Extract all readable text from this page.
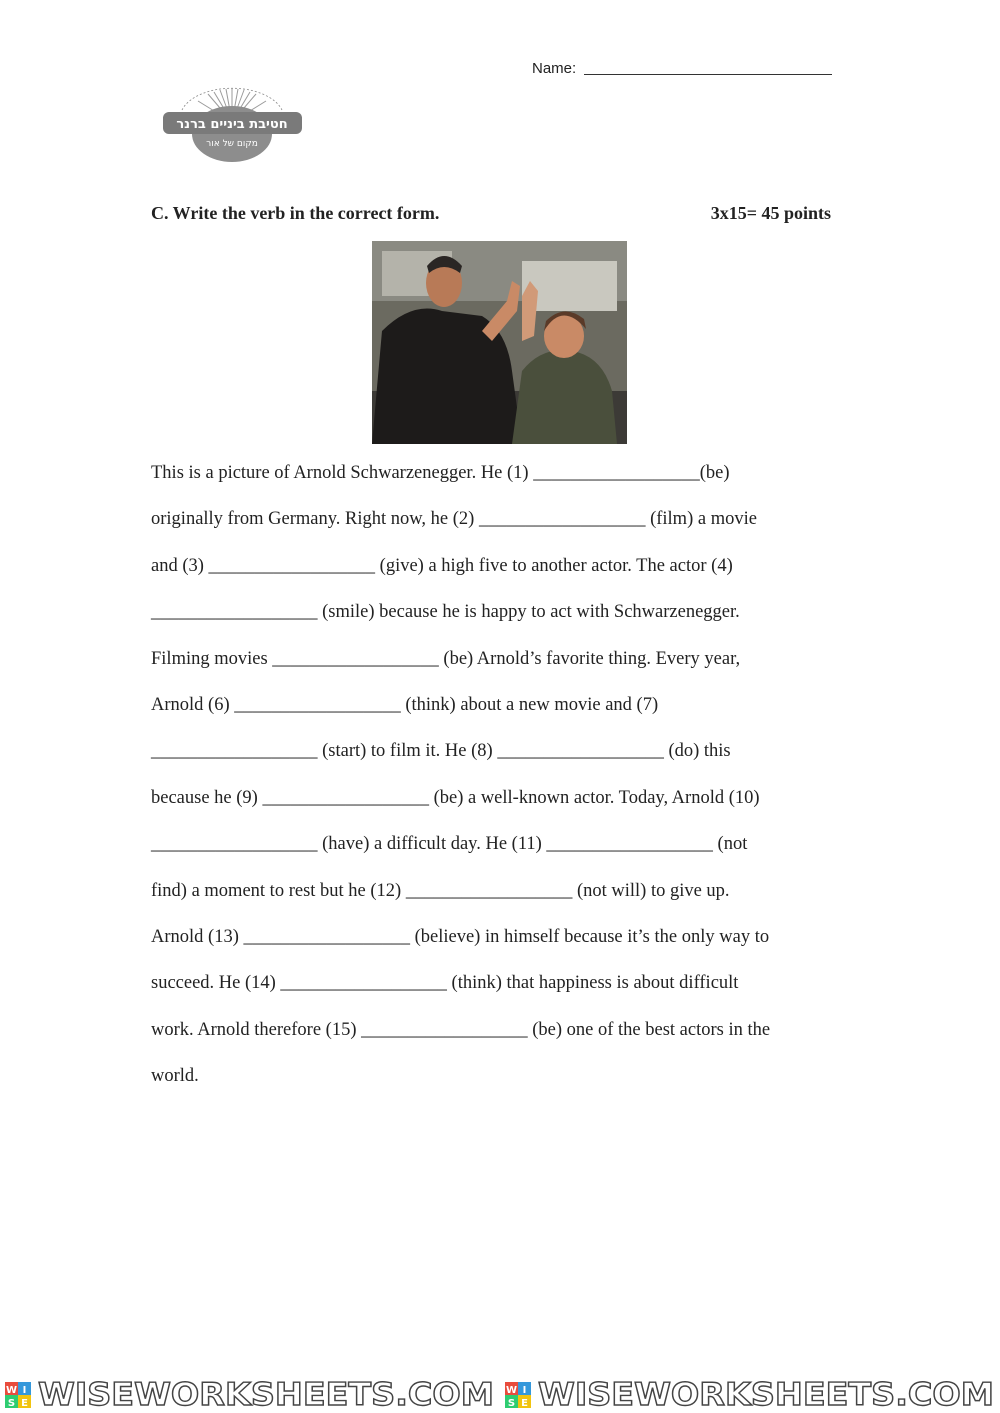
Name:
חטיבת ביניים ברנר
מקום של אור
C. Write the verb in the correct form.	3x15= 45 points
This is a picture of Arnold Schwarzenegger. He (1) __________________(be)
originally from Germany. Right now, he (2) __________________ (film) a movie
and (3) __________________ (give) a high five to another actor. The actor (4)
__________________ (smile) because he is happy to act with Schwarzenegger.
Filming movies __________________ (be) Arnold’s favorite thing. Every year,
Arnold (6) __________________ (think) about a new movie and (7)
__________________ (start) to film it. He (8) __________________ (do) this
because he (9) __________________ (be) a well-known actor. Today, Arnold (10)
__________________ (have) a difficult day. He (11) __________________ (not
find) a moment to rest but he (12) __________________ (not will) to give up.
Arnold (13) __________________ (believe) in himself because it’s the only way to
succeed. He (14) __________________ (think) that happiness is about difficult
work. Arnold therefore (15) __________________ (be) one of the best actors in the
world.
W I
S E WISEWORKSHEETS.COM W I
S E WISEWORKSHEETS.COM
